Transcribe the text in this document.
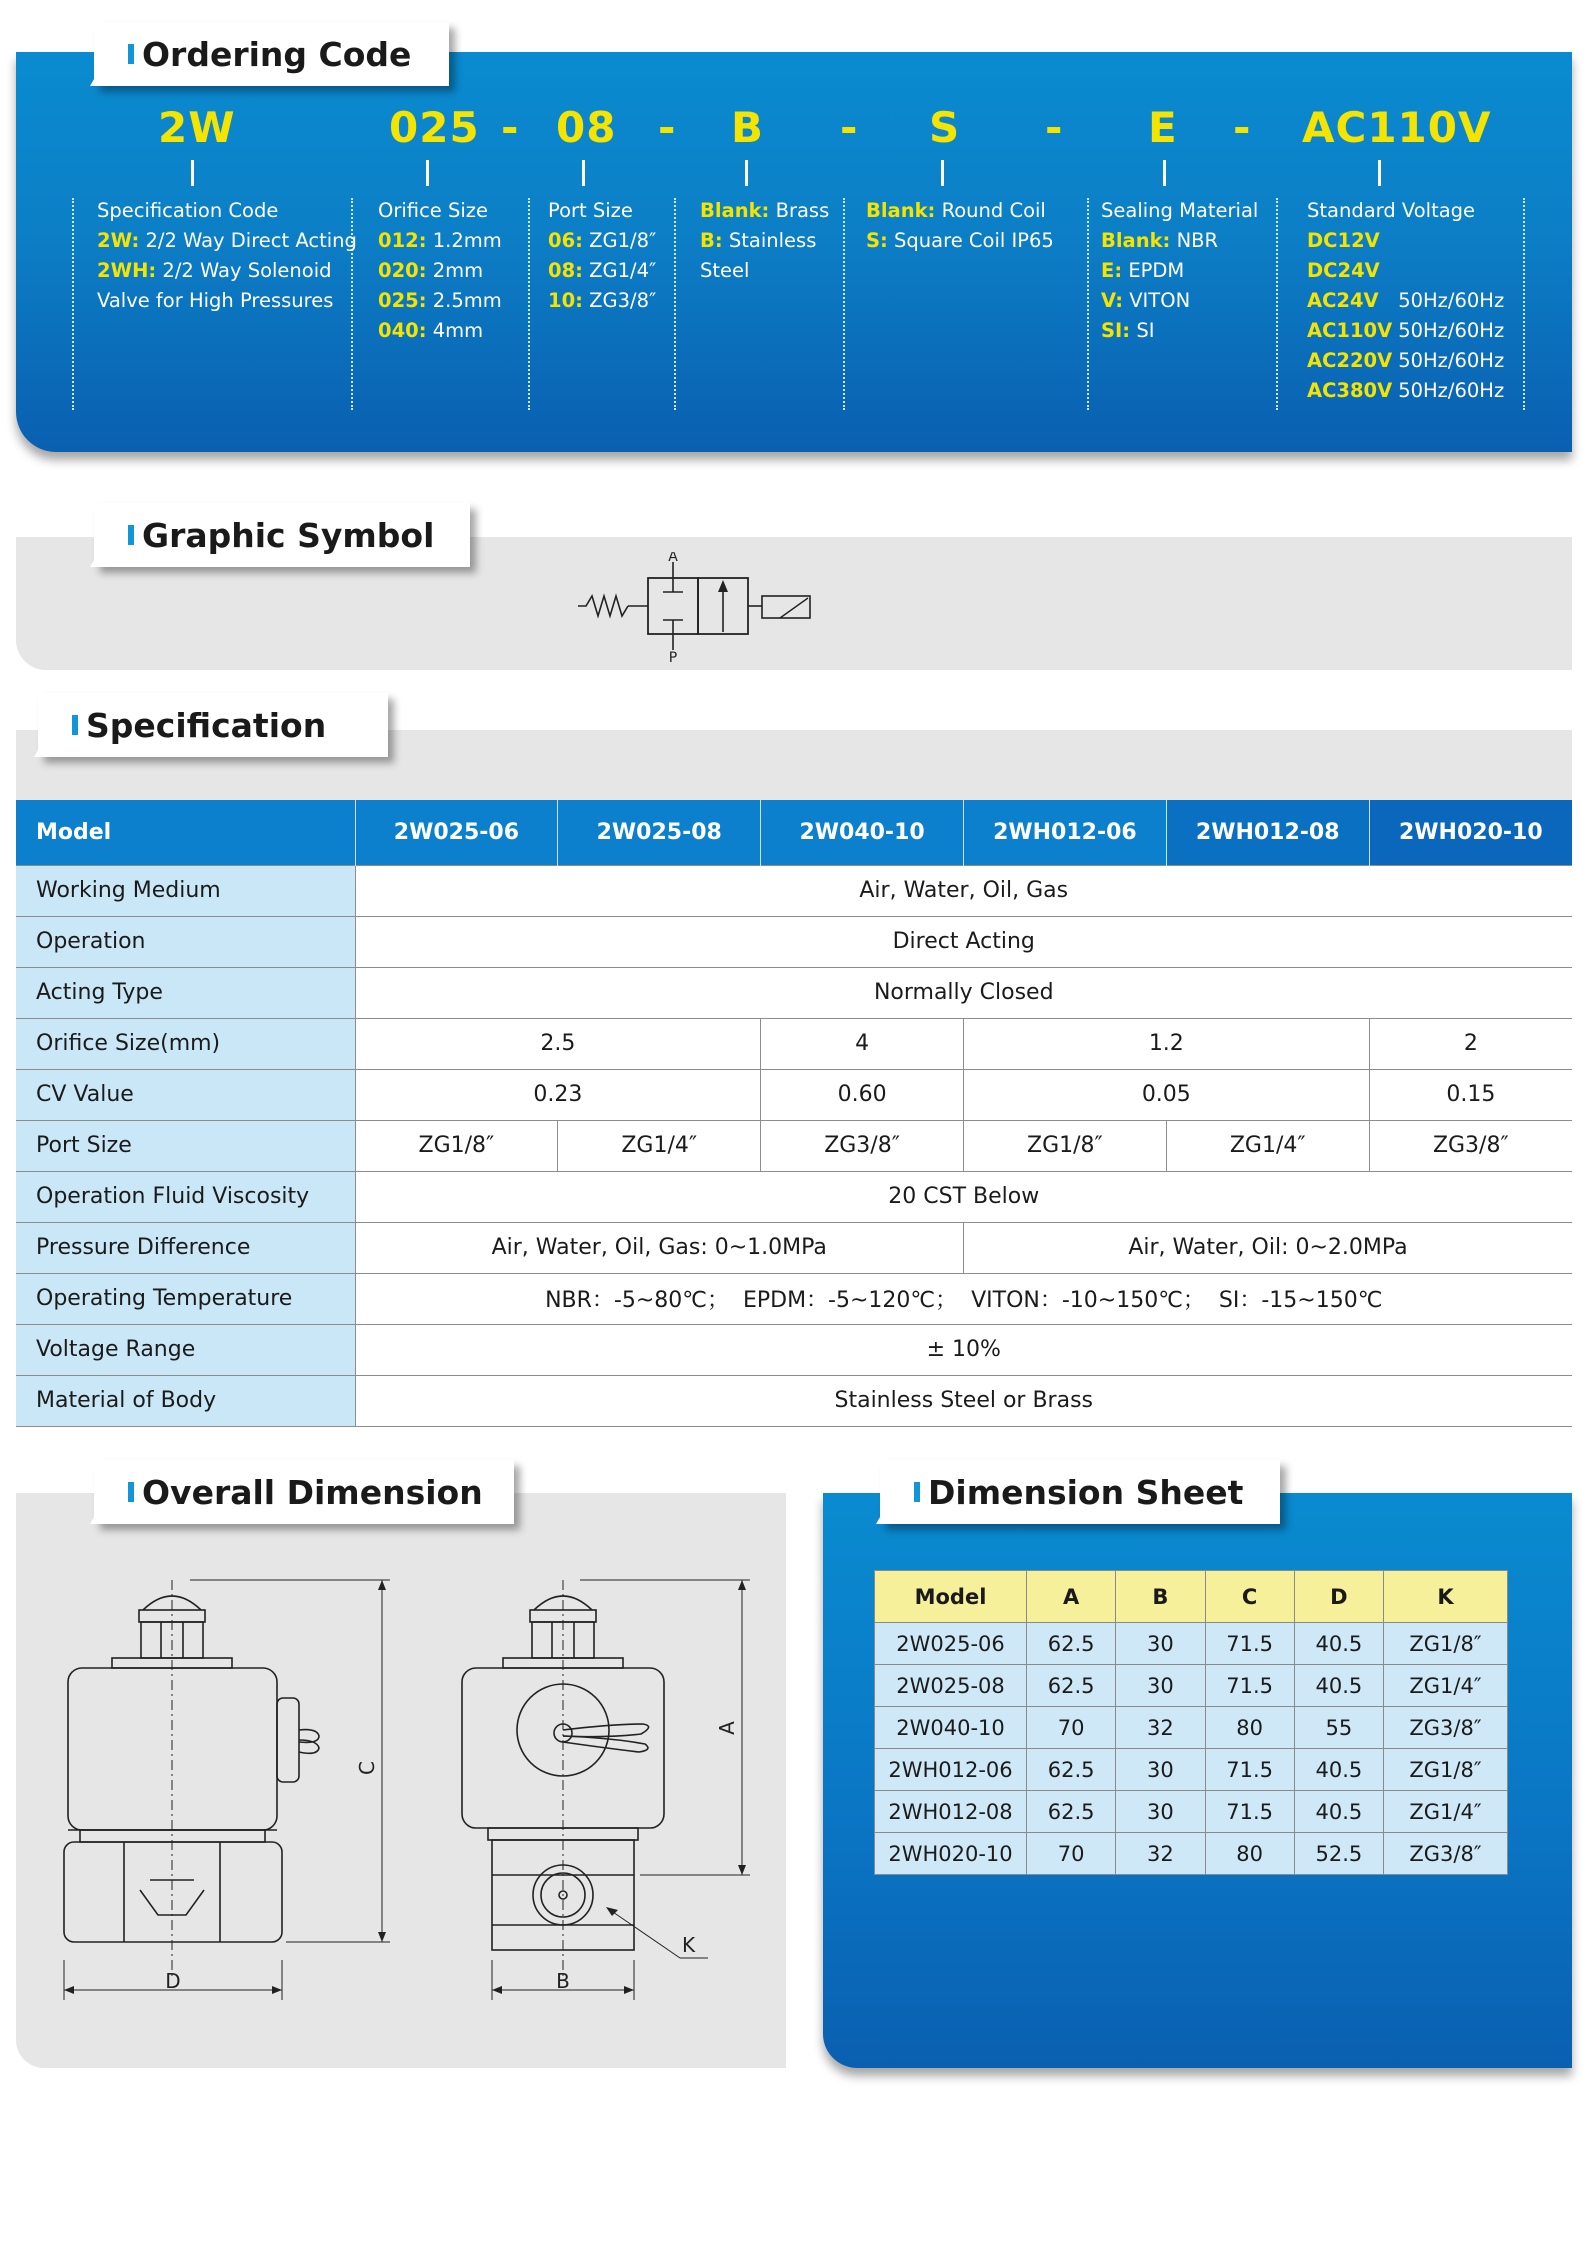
Ordering Code
2W	025 - 08 - B - S - E - AC110V
Specification Code
2W: 2/2 Way Direct Acting
2WH: 2/2 Way Solenoid
Valve for High Pressures
Orifice Size
012: 1.2mm
020: 2mm
025: 2.5mm
040: 4mm
Port Size
06: ZG1/8″
08: ZG1/4″
10: ZG3/8″
Blank: Brass
B: Stainless
Steel
Blank: Round Coil
S: Square Coil IP65
Sealing Material
Blank: NBR
E: EPDM
V: VITON
SI: SI
Standard Voltage
DC12V
DC24V
AC24V 50Hz/60Hz
AC110V 50Hz/60Hz
AC220V 50Hz/60Hz
AC380V 50Hz/60Hz
Graphic Symbol
A
P
Specification
Model	2W025-06	2W025-08	2W040-10	2WH012-06	2WH012-08	2WH020-10
Working Medium	Air, Water, Oil, Gas					
Operation	Direct Acting					
Acting Type	Normally Closed					
Orifice Size(mm)	2.5		4	1.2		2
CV Value	0.23		0.60	0.05		0.15
Port Size	ZG1/8″	ZG1/4″	ZG3/8″	ZG1/8″	ZG1/4″	ZG3/8″
Operation Fluid Viscosity	20 CST Below					
Pressure Difference	Air, Water, Oil, Gas: 0~1.0MPa			Air, Water, Oil: 0~2.0MPa		
Operating Temperature	NBR：-5~80℃；  EPDM：-5~120℃；  VITON：-10~150℃；  SI：-15~150℃					
Voltage Range	± 10%					
Material of Body	Stainless Steel or Brass					
Overall Dimension
D
C
B
A
K
Dimension Sheet
Model	A	B	C	D	K
2W025-06	62.5	30	71.5	40.5	ZG1/8″
2W025-08	62.5	30	71.5	40.5	ZG1/4″
2W040-10	70	32	80	55	ZG3/8″
2WH012-06	62.5	30	71.5	40.5	ZG1/8″
2WH012-08	62.5	30	71.5	40.5	ZG1/4″
2WH020-10	70	32	80	52.5	ZG3/8″
